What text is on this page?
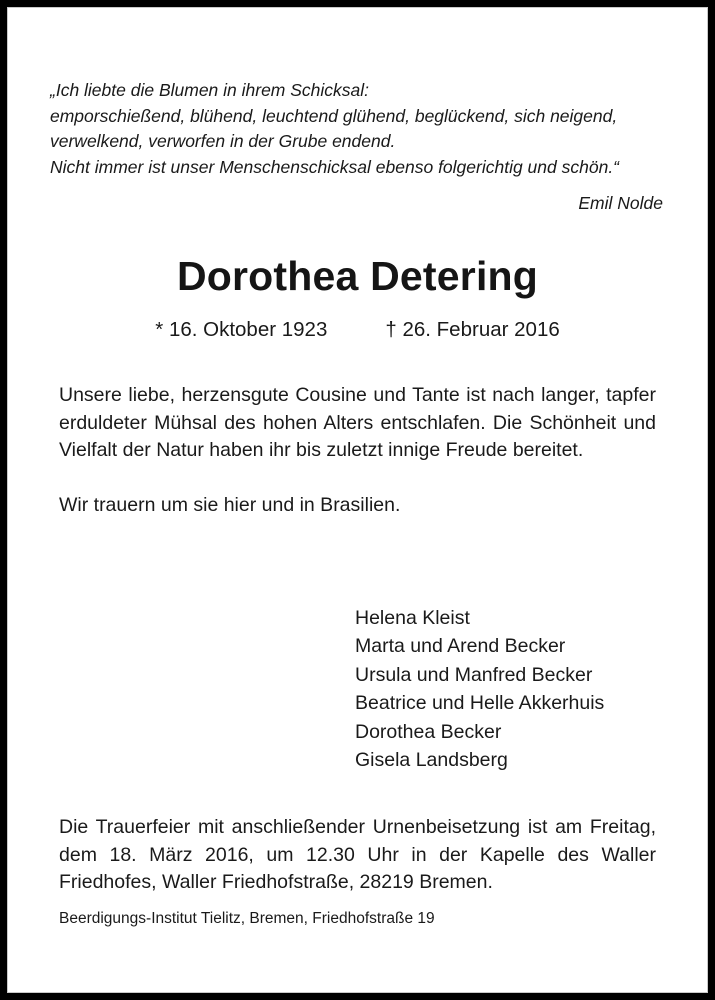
„Ich liebte die Blumen in ihrem Schicksal:
emporschießend, blühend, leuchtend glühend, beglückend, sich neigend,
verwelkend, verworfen in der Grube endend.
Nicht immer ist unser Menschenschicksal ebenso folgerichtig und schön.“
Emil Nolde
Dorothea Detering
* 16. Oktober 1923	† 26. Februar 2016
Unsere liebe, herzensgute Cousine und Tante ist nach langer, tapfer erduldeter Mühsal des hohen Alters entschlafen. Die Schönheit und Vielfalt der Natur haben ihr bis zuletzt innige Freude bereitet.
Wir trauern um sie hier und in Brasilien.
Helena Kleist
Marta und Arend Becker
Ursula und Manfred Becker
Beatrice und Helle Akkerhuis
Dorothea Becker
Gisela Landsberg
Die Trauerfeier mit anschließender Urnenbeisetzung ist am Freitag, dem 18. März 2016, um 12.30 Uhr in der Kapelle des Waller Friedhofes, Waller Friedhofstraße, 28219 Bremen.
Beerdigungs-Institut Tielitz, Bremen, Friedhofstraße 19
